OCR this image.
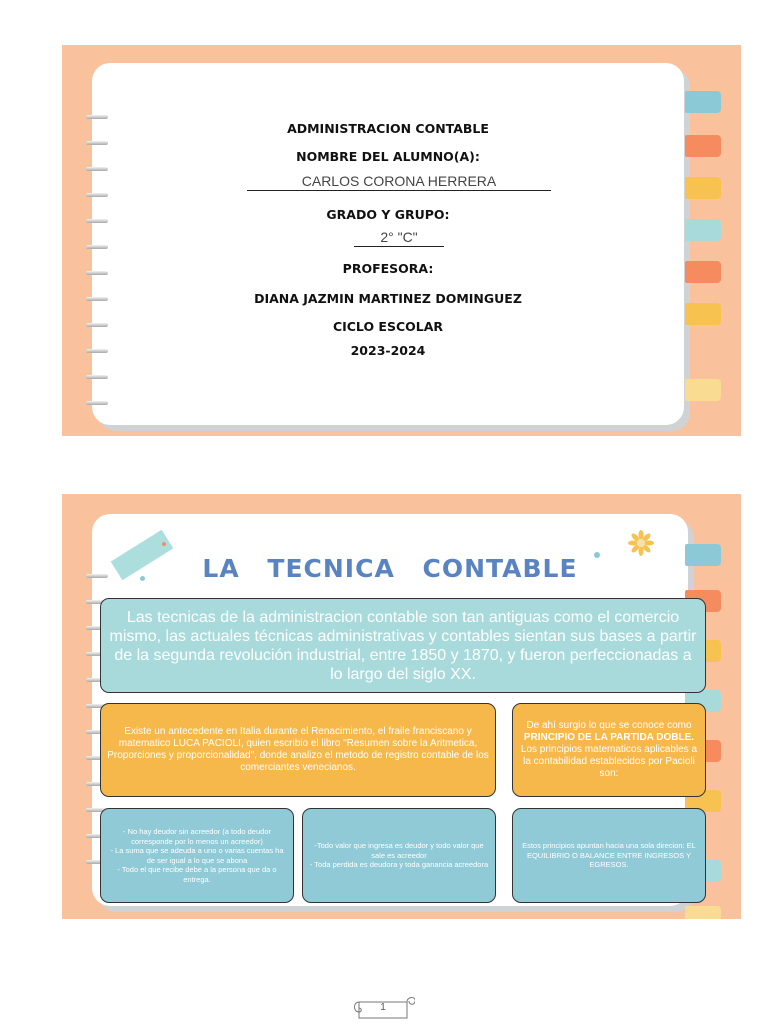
ADMINISTRACION CONTABLE
NOMBRE DEL ALUMNO(A):
CARLOS CORONA HERRERA
GRADO Y GRUPO:
2° "C"
PROFESORA:
DIANA JAZMIN MARTINEZ DOMINGUEZ
CICLO ESCOLAR
2023-2024
LA TECNICA CONTABLE
Las tecnicas de la administracion contable son tan antiguas como el comercio mismo, las actuales técnicas administrativas y contables sientan sus bases a partir de la segunda revolución industrial, entre 1850 y 1870, y fueron perfeccionadas a lo largo del siglo XX.
Existe un antecedente en Italia durante el Renacimiento, el fraile franciscano y matematico LUCA PACIOLI, quien escribio el libro "Resumen sobre la Aritmetica, Proporciones y proporcionalidad", donde analizo el metodo de registro contable de los comerciantes venecianos.
De ahí surgio lo que se conoce como PRINCIPIO DE LA PARTIDA DOBLE. Los principios matematicos aplicables a la contabilidad establecidos por Pacioli son:
- No hay deudor sin acreedor (a todo deudor corresponde por lo menos un acreedor)
- La suma que se adeuda a uno o varias cuentas ha de ser igual a lo que se abona
- Todo el que recibe debe a la persona que da o entrega.
-Todo valor que ingresa es deudor y todo valor que sale es acreedor
- Toda perdida es deudora y toda ganancia acreedora
Estos principios apuntan hacia una sola direcion: EL EQUILIBRIO O BALANCE ENTRE INGRESOS Y EGRESOS.
1
